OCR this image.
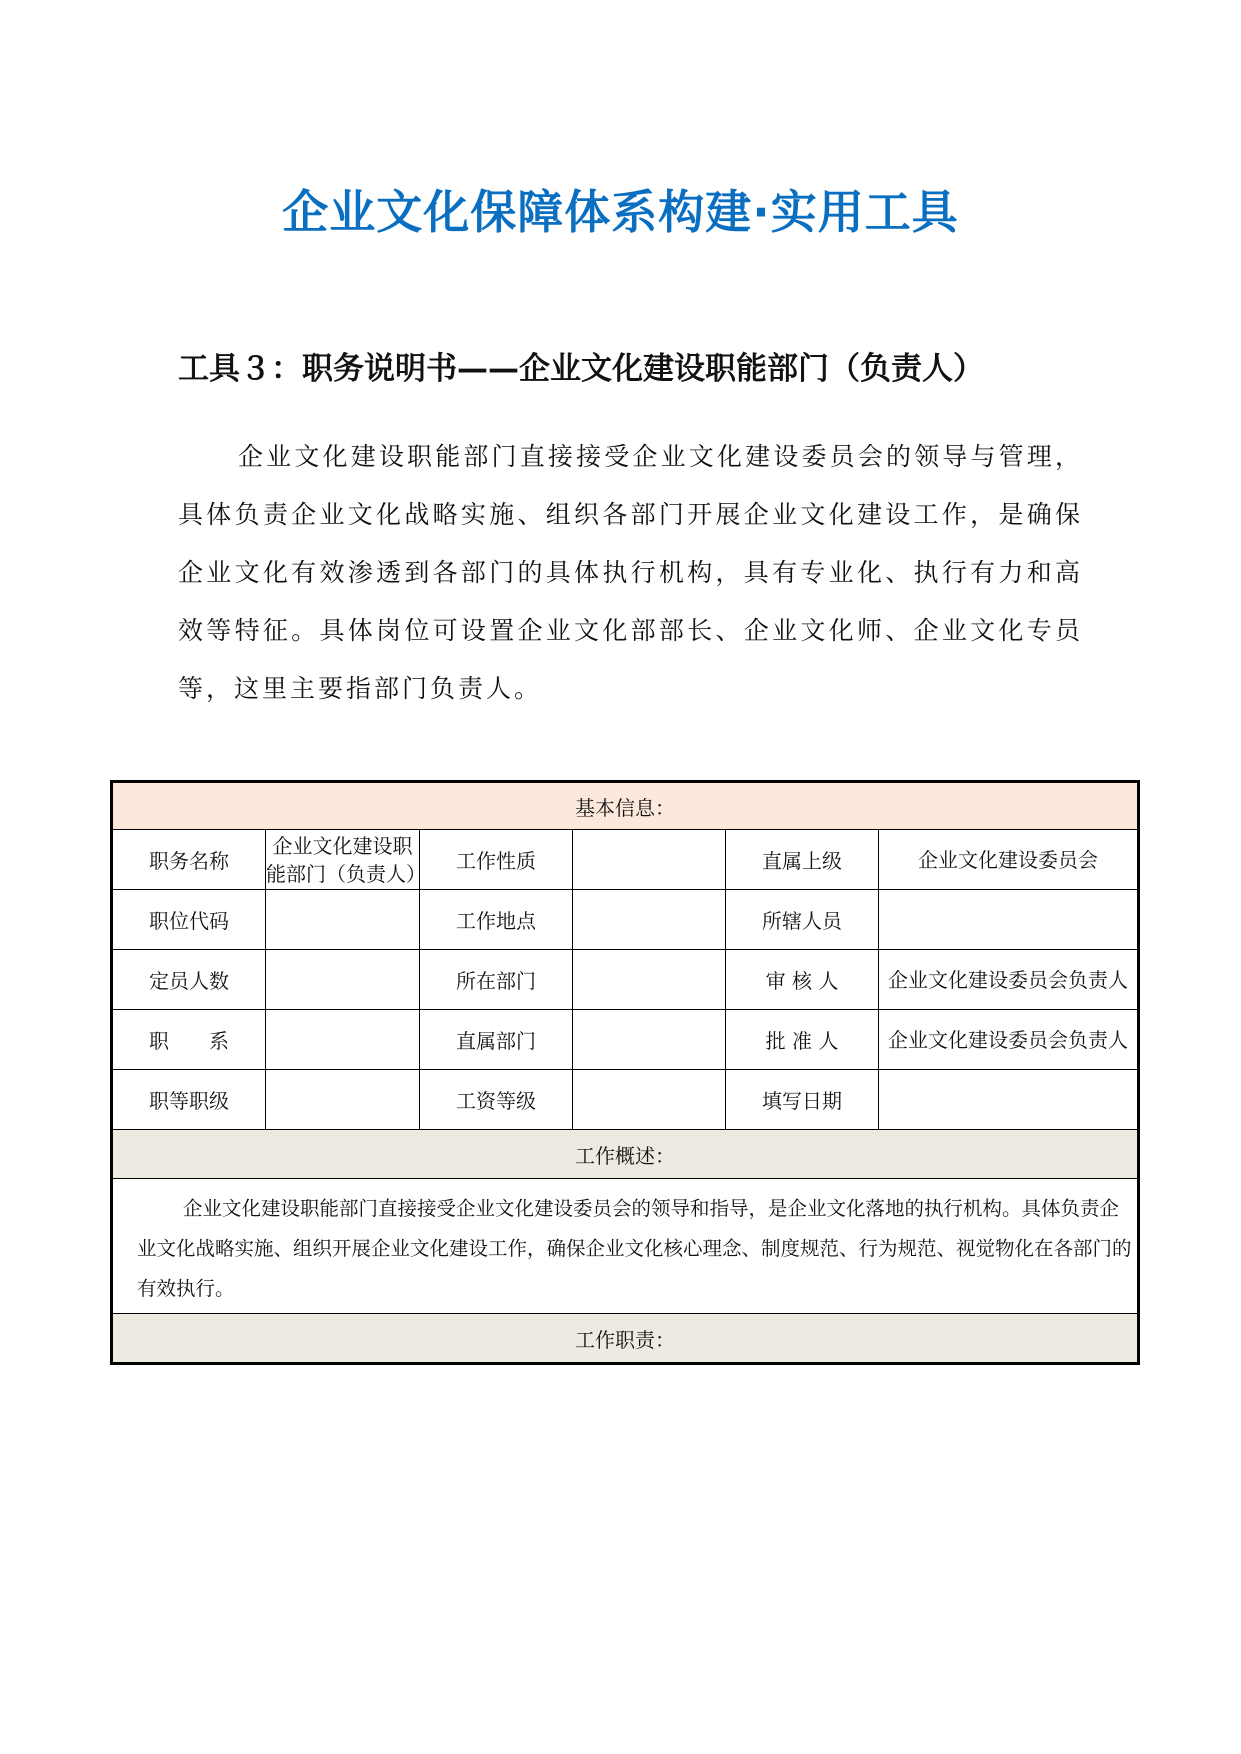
企业文化保障体系构建·实用工具
工具３：职务说明书——企业文化建设职能部门（负责人）
企业文化建设职能部门直接接受企业文化建设委员会的领导与管理，具体负责企业文化战略实施、组织各部门开展企业文化建设工作，是确保企业文化有效渗透到各部门的具体执行机构，具有专业化、执行有力和高效等特征。具体岗位可设置企业文化部部长、企业文化师、企业文化专员等，这里主要指部门负责人。
基本信息：					
职务名称	企业文化建设职能部门（负责人）	工作性质		直属上级	企业文化建设委员会
职位代码		工作地点		所辖人员	
定员人数		所在部门		审 核 人	企业文化建设委员会负责人
职　　系		直属部门		批 准 人	企业文化建设委员会负责人
职等职级		工资等级		填写日期	
工作概述：					
企业文化建设职能部门直接接受企业文化建设委员会的领导和指导，是企业文化落地的执行机构。具体负责企业文化战略实施、组织开展企业文化建设工作，确保企业文化核心理念、制度规范、行为规范、视觉物化在各部门的有效执行。					
工作职责：					
